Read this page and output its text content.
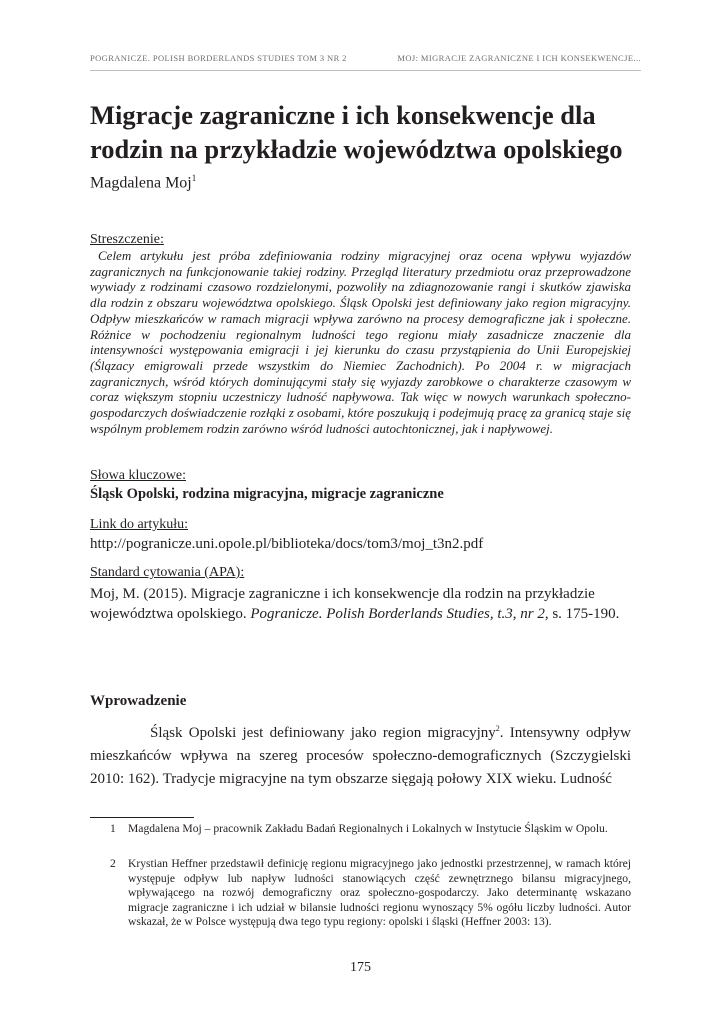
POGRANICZE. POLISH BORDERLANDS STUDIES TOM 3 NR 2	MOJ: MIGRACJE ZAGRANICZNE I ICH KONSEKWENCJE...
Migracje zagraniczne i ich konsekwencje dla rodzin na przykładzie województwa opolskiego
Magdalena Moj$^1$

Streszczenie:

Celem artykułu jest próba zdefiniowania rodziny migracyjnej oraz ocena wpływu wyjazdów zagranicznych na funkcjonowanie takiej rodziny. Przegląd literatury przedmiotu oraz przeprowadzone wywiady z rodzinami czasowo rozdzielonymi, pozwoliły na zdiagnozowanie rangi i skutków zjawiska dla rodzin z obszaru województwa opolskiego. Śląsk Opolski jest definiowany jako region migracyjny. Odpływ mieszkańców w ramach migracji wpływa zarówno na procesy demograficzne jak i społeczne. Różnice w pochodzeniu regionalnym ludności tego regionu miały zasadnicze znaczenie dla intensywności występowania emigracji i jej kierunku do czasu przystąpienia do Unii Europejskiej (Ślązacy emigrowali przede wszystkim do Niemiec Zachodnich). Po 2004 r. w migracjach zagranicznych, wśród których dominującymi stały się wyjazdy zarobkowe o charakterze czasowym w coraz większym stopniu uczestniczy ludność napływowa. Tak więc w nowych warunkach społeczno-gospodarczych doświadczenie rozłąki z osobami, które poszukują i podejmują pracę za granicą staje się wspólnym problemem rodzin zarówno wśród ludności autochtonicznej, jak i napływowej.

Słowa kluczowe:

Śląsk Opolski, rodzina migracyjna, migracje zagraniczne

Link do artykułu:

http://pogranicze.uni.opole.pl/biblioteka/docs/tom3/moj_t3n2.pdf

Standard cytowania (APA):

Moj, M. (2015). Migracje zagraniczne i ich konsekwencje dla rodzin na przykładzie województwa opolskiego. Pogranicze. Polish Borderlands Studies, t.3, nr 2, s. 175-190.

Wprowadzenie

Śląsk Opolski jest definiowany jako region migracyjny$^2$. Intensywny odpływ mieszkańców wpływa na szereg procesów społeczno-demograficznych (Szczygielski 2010: 162). Tradycje migracyjne na tym obszarze sięgają połowy XIX wieku. Ludność

1	Magdalena Moj – pracownik Zakładu Badań Regionalnych i Lokalnych w Instytucie Śląskim w Opolu.
2	Krystian Heffner przedstawił definicję regionu migracyjnego jako jednostki przestrzennej, w ramach której występuje odpływ lub napływ ludności stanowiących część zewnętrznego bilansu migracyjnego, wpływającego na rozwój demograficzny oraz społeczno-gospodarczy. Jako determinantę wskazano migracje zagraniczne i ich udział w bilansie ludności regionu wynoszący 5% ogółu liczby ludności. Autor wskazał, że w Polsce występują dwa tego typu regiony: opolski i śląski (Heffner 2003: 13).
175
